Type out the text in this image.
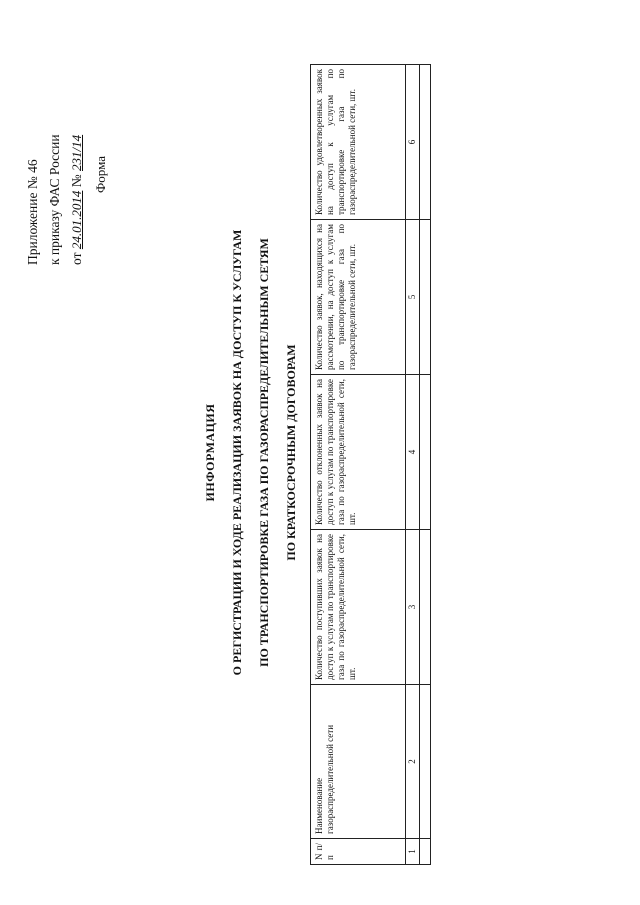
Приложение № 46 к приказу ФАС России от 24.01.2014 № 231/14
Форма
ИНФОРМАЦИЯ	О РЕГИСТРАЦИИ И ХОДЕ РЕАЛИЗАЦИИ ЗАЯВОК НА ДОСТУП К УСЛУГАМ	ПО ТРАНСПОРТИРОВКЕ ГАЗА ПО ГАЗОРАСПРЕДЕЛИТЕЛЬНЫМ СЕТЯМ	ПО КРАТКОСРОЧНЫМ ДОГОВОРАМ
N п/п	Наименование газораспределительной сети	Количество поступивших заявок на доступ к услугам по транспортировке газа по газораспределительной сети, шт.	Количество отклоненных заявок на доступ к услугам по транспортировке газа по газораспределительной сети, шт.	Количество заявок, находящихся на рассмотрении, на доступ к услугам по транспортировке газа по газораспределительной сети, шт.	Количество удовлетворенных заявок на доступ к услугам по транспортировке газа по газораспределительной сети, шт.
1	2	3	4	5	6
